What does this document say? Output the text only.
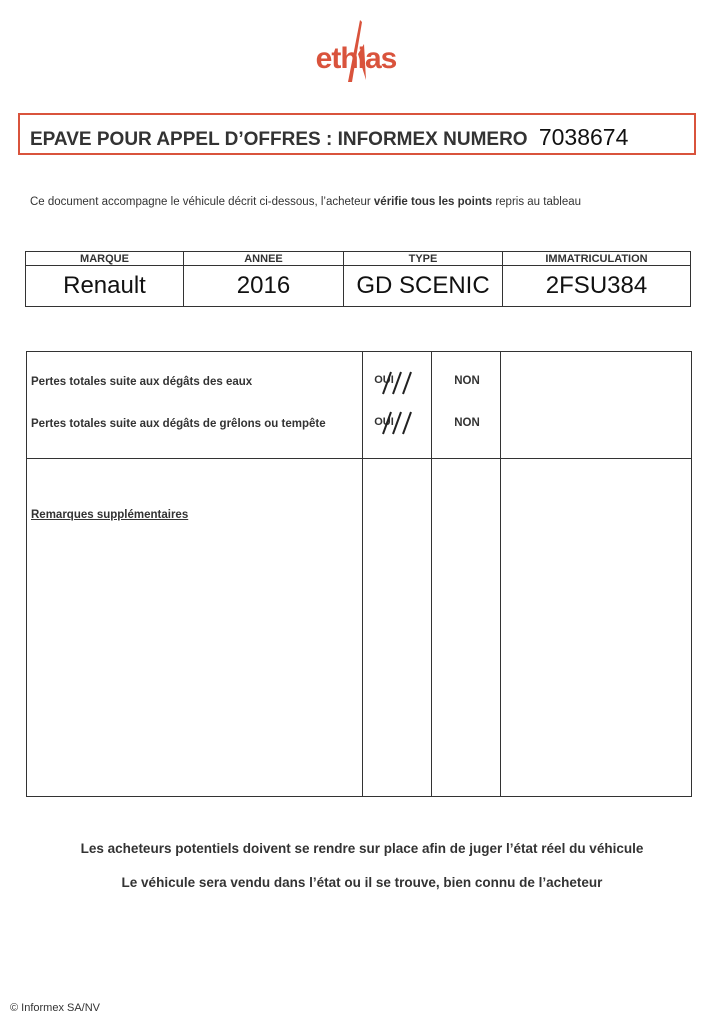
ethias
EPAVE POUR APPEL D’OFFRES : INFORMEX NUMERO 7038674
Ce document accompagne le véhicule décrit ci-dessous, l’acheteur vérifie tous les points repris au tableau
MARQUE	ANNEE	TYPE	IMMATRICULATION
Renault	2016	GD SCENIC	2FSU384
Pertes totales suite aux dégâts des eaux	OUI	NON
Pertes totales suite aux dégâts de grêlons ou tempête	OUI	NON
Remarques supplémentaires
Les acheteurs potentiels doivent se rendre sur place afin de juger l’état réel du véhicule
Le véhicule sera vendu dans l’état ou il se trouve, bien connu de l’acheteur
© Informex SA/NV
